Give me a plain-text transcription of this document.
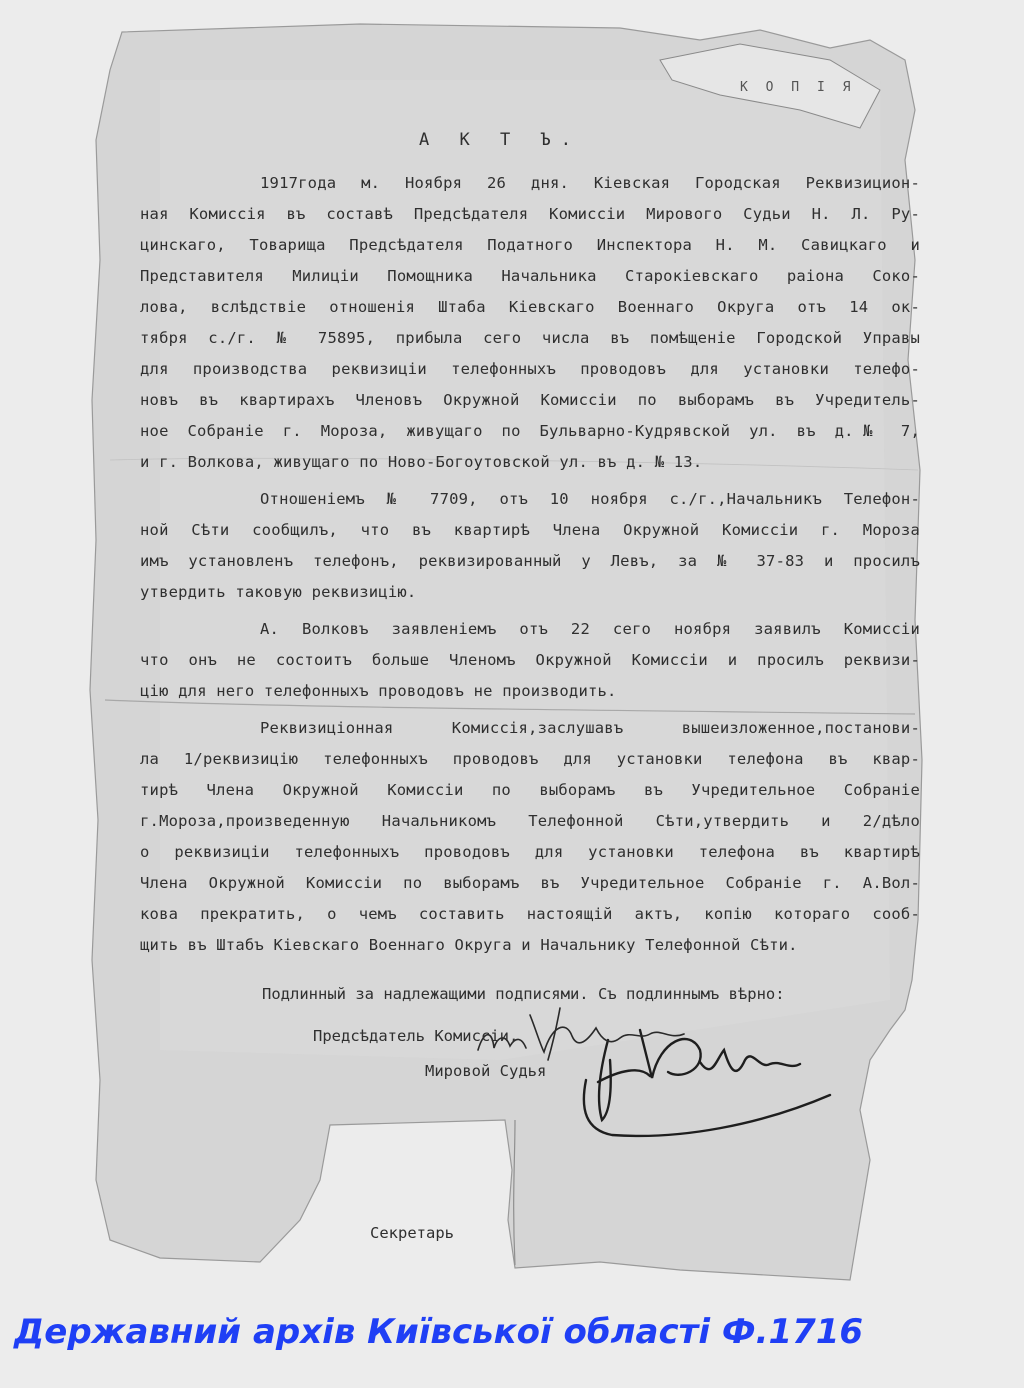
К О П І Я
А К Т Ъ.
1917года м. Ноября 26 дня. Кіевская Городская Реквизицион-
ная Комиссія въ составѣ Предсѣдателя Комиссіи Мирового Судьи Н. Л. Ру-
цинскаго, Товарища Предсѣдателя Податного Инспектора Н. М. Савицкаго и
Представителя Милиціи Помощника Начальника Старокіевскаго раіона Соко-
лова, вслѣдствіе отношенія Штаба Кіевскаго Военнаго Округа отъ 14 ок-
тября с./г. № 75895, прибыла сего числа въ помѣщеніе Городской Управы
для производства реквизиціи телефонныхъ проводовъ для установки телефо-
новъ въ квартирахъ Членовъ Окружной Комиссіи по выборамъ въ Учредитель-
ное Собраніе г. Мороза, живущаго по Бульварно-Кудрявской ул. въ д.№ 7,
и г. Волкова, живущаго по Ново-Богоутовской ул. въ д. № 13.
Отношеніемъ № 7709, отъ 10 ноября с./г.,Начальникъ Телефон-
ной Сѣти сообщилъ, что въ квартирѣ Члена Окружной Комиссіи г. Мороза
имъ установленъ телефонъ, реквизированный у Левъ, за № 37-83 и просилъ
утвердить таковую реквизицію.
А. Волковъ заявленіемъ отъ 22 сего ноября заявилъ Комиссіи
что онъ не состоитъ больше Членомъ Окружной Комиссіи и просилъ реквизи-
цію для него телефонныхъ проводовъ не производить.
Реквизиціонная Комиссія,заслушавъ вышеизложенное,постанови-
ла 1/реквизицію телефонныхъ проводовъ для установки телефона въ квар-
тирѣ Члена Окружной Комиссіи по выборамъ въ Учредительное Собраніе
г.Мороза,произведенную Начальникомъ Телефонной Сѣти,утвердить и 2/дѣло
о реквизиціи телефонныхъ проводовъ для установки телефона въ квартирѣ
Члена Окружной Комиссіи по выборамъ въ Учредительное Собраніе г. А.Вол-
кова прекратить, о чемъ составить настоящій актъ, копію котораго сооб-
щить въ Штабъ Кіевскаго Военнаго Округа и Начальнику Телефонной Сѣти.
Подлинный за надлежащими подписями. Съ подлиннымъ вѣрно:
Предсѣдатель Комиссіи,
Мировой Судья
Секретарь
Державний архів Київської області Ф.1716
